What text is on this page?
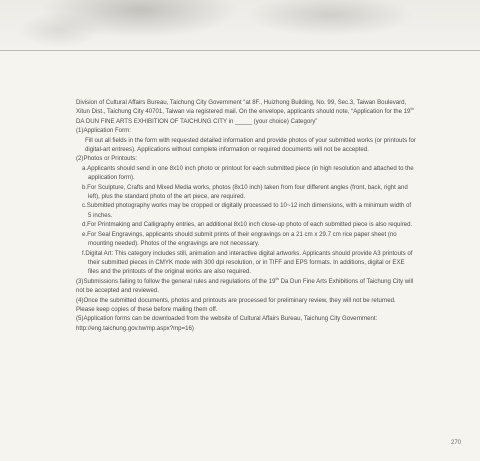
Division of Cultural Affairs Bureau, Taichung City Government “at 8F., Huizhong Building, No. 99, Sec.3, Taiwan Boulevard, Xitun Dist., Taichung City 40701, Taiwan via registered mail. On the envelope, applicants should note, “Application for the 19th DA DUN FINE ARTS EXHIBITION OF TAICHUNG CITY in _____ (your choice) Category”

(1)Application Form:

Fill out all fields in the form with requested detailed information and provide photos of your submitted works (or printouts for digital-art entrees). Applications without complete information or required documents will not be accepted.

(2)Photos or Printouts:

a.Applicants should send in one 8x10 inch photo or printout for each submitted piece (in high resolution and attached to the application form).

b.For Sculpture, Crafts and Mixed Media works, photos (8x10 inch) taken from four different angles (front, back, right and left), plus the standard photo of the art piece, are required.

c.Submitted photography works may be cropped or digitally processed to 10~12 inch dimensions, with a minimum width of 5 inches.

d.For Printmaking and Calligraphy entries, an additional 8x10 inch close-up photo of each submitted piece is also required.

e.For Seal Engravings, applicants should submit prints of their engravings on a 21 cm x 29.7 cm rice paper sheet (no mounting needed). Photos of the engravings are not necessary.

f.Digital Art: This category includes still, animation and interactive digital artworks. Applicants should provide A3 printouts of their submitted pieces in CMYK mode with 300 dpi resolution, or in TIFF and EPS formats. In additions, digital or EXE files and the printouts of the original works are also required.

(3)Submissions failing to follow the general rules and regulations of the 19th Da Dun Fine Arts Exhibitions of Taichung City will not be accepted and reviewed.

(4)Once the submitted documents, photos and printouts are processed for preliminary review, they will not be returned. Please keep copies of these before mailing them off.

(5)Application forms can be downloaded from the website of Cultural Affairs Bureau, Taichung City Government: http://eng.taichung.gov.tw/mp.aspx?mp=16)

270
